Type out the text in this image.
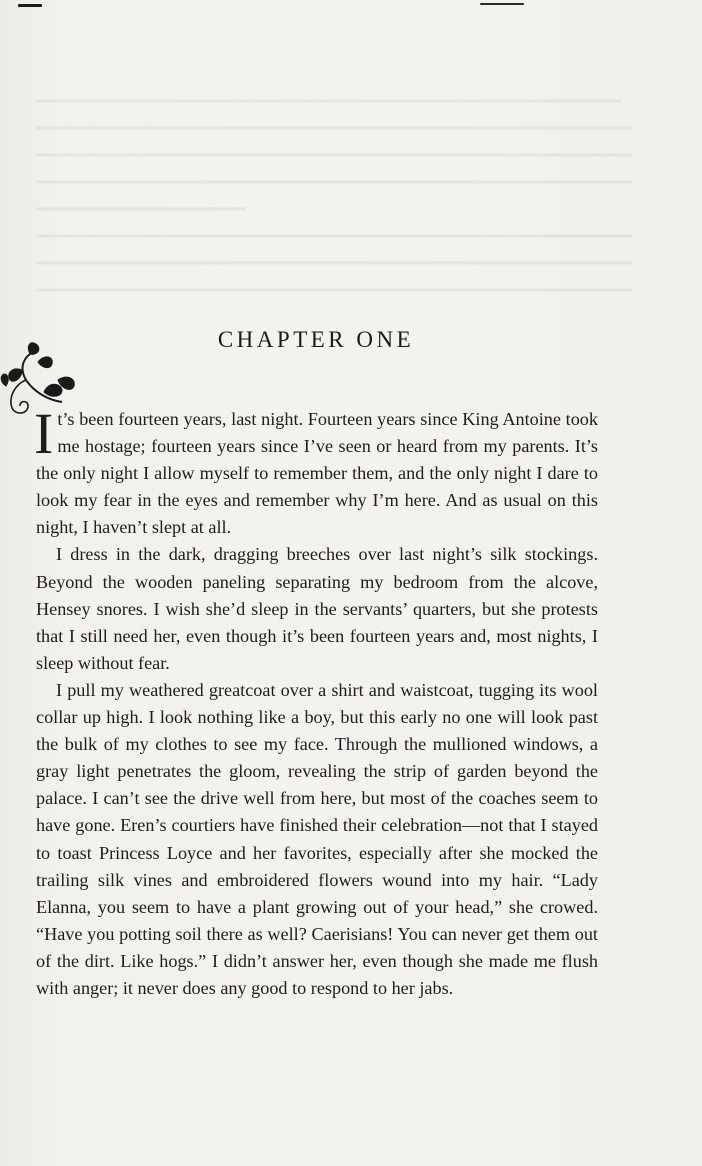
━━━━━━━━━━━━━━━━━━━━━━━━━━━━━━━━━━━━━━━━━━━━━━━━━━━━━
━━━━━━━━━━━━━━━━━━━━━━━━━━━━━━━━━━━━━━━━━━━━━━━━━━━━━━
━━━━━━━━━━━━━━━━━━━━━━━━━━━━━━━━━━━━━━━━━━━━━━━━━━━━━━
━━━━━━━━━━━━━━━━━━━━━━━━━━━━━━━━━━━━━━━━━━━━━━━━━━━━━━
━━━━━━━━━━━━━━━━━━━
━━━━━━━━━━━━━━━━━━━━━━━━━━━━━━━━━━━━━━━━━━━━━━━━━━━━━━
━━━━━━━━━━━━━━━━━━━━━━━━━━━━━━━━━━━━━━━━━━━━━━━━━━━━━━
━━━━━━━━━━━━━━━━━━━━━━━━━━━━━━━━━━━━━━━━━━━━━━━━━━━━━━
CHAPTER ONE

It’s been fourteen years, last night. Fourteen years since King Antoine took me hostage; fourteen years since I’ve seen or heard from my parents. It’s the only night I allow myself to remember them, and the only night I dare to look my fear in the eyes and remember why I’m here. And as usual on this night, I haven’t slept at all.

I dress in the dark, dragging breeches over last night’s silk stockings. Beyond the wooden paneling separating my bedroom from the alcove, Hensey snores. I wish she’d sleep in the servants’ quarters, but she protests that I still need her, even though it’s been fourteen years and, most nights, I sleep without fear.

I pull my weathered greatcoat over a shirt and waistcoat, tugging its wool collar up high. I look nothing like a boy, but this early no one will look past the bulk of my clothes to see my face. Through the mullioned windows, a gray light penetrates the gloom, revealing the strip of garden beyond the palace. I can’t see the drive well from here, but most of the coaches seem to have gone. Eren’s courtiers have finished their celebration—not that I stayed to toast Princess Loyce and her favorites, especially after she mocked the trailing silk vines and embroidered flowers wound into my hair. “Lady Elanna, you seem to have a plant growing out of your head,” she crowed. “Have you potting soil there as well? Caerisians! You can never get them out of the dirt. Like hogs.” I didn’t answer her, even though she made me flush with anger; it never does any good to respond to her jabs.
